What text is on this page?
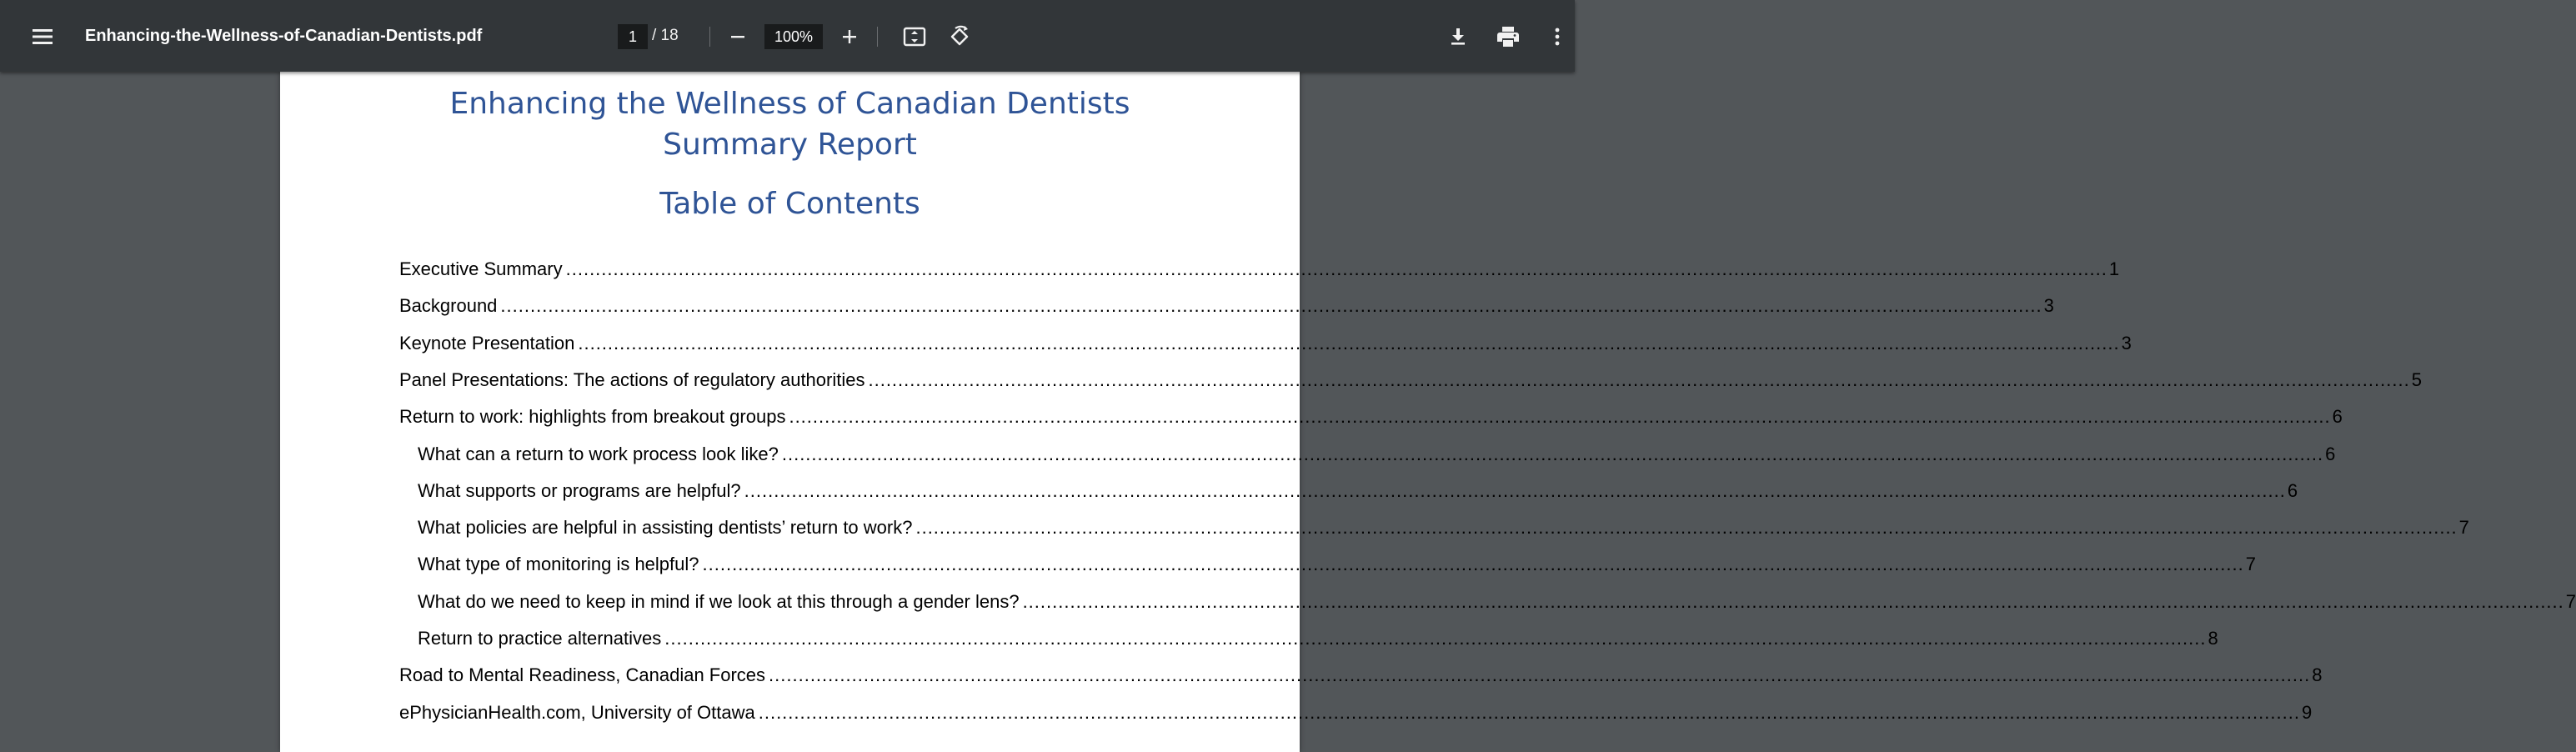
Enhancing-the-Wellness-of-Canadian-Dentists.pdf	1 / 18	100%
Enhancing the Wellness of Canadian Dentists
Summary Report
Table of Contents
Executive Summary .................................................................................................................................................................................................................................................................... 1
Background .................................................................................................................................................................................................................................................................... 3
Keynote Presentation .................................................................................................................................................................................................................................................................... 3
Panel Presentations: The actions of regulatory authorities .................................................................................................................................................................................................................................................................... 5
Return to work: highlights from breakout groups .................................................................................................................................................................................................................................................................... 6
What can a return to work process look like? .................................................................................................................................................................................................................................................................... 6
What supports or programs are helpful? .................................................................................................................................................................................................................................................................... 6
What policies are helpful in assisting dentists’ return to work? .................................................................................................................................................................................................................................................................... 7
What type of monitoring is helpful? .................................................................................................................................................................................................................................................................... 7
What do we need to keep in mind if we look at this through a gender lens? .................................................................................................................................................................................................................................................................... 7
Return to practice alternatives .................................................................................................................................................................................................................................................................... 8
Road to Mental Readiness, Canadian Forces .................................................................................................................................................................................................................................................................... 8
ePhysicianHealth.com, University of Ottawa .................................................................................................................................................................................................................................................................... 9
